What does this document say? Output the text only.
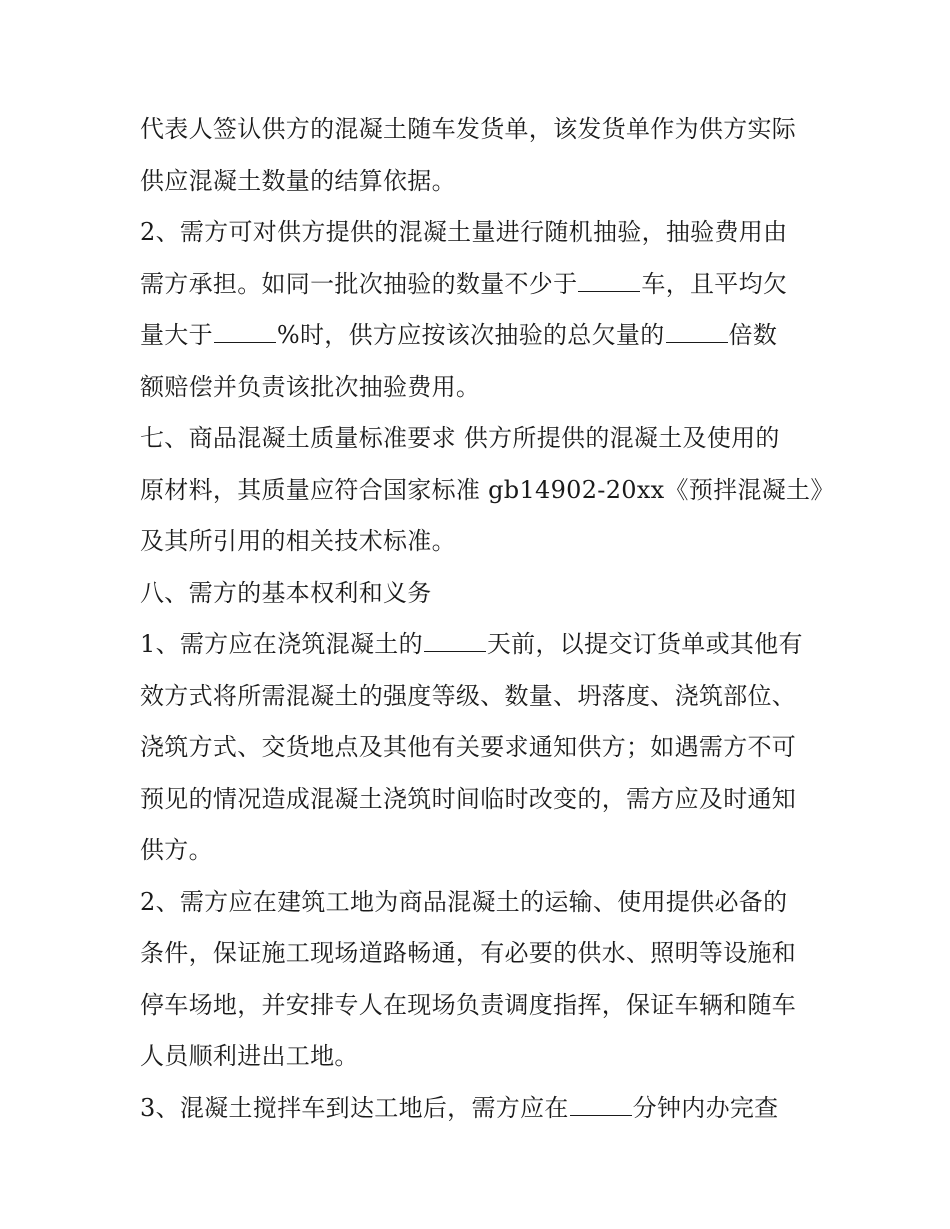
代表人签认供方的混凝土随车发货单，该发货单作为供方实际
供应混凝土数量的结算依据。
2、需方可对供方提供的混凝土量进行随机抽验，抽验费用由
需方承担。如同一批次抽验的数量不少于	车，且平均欠
量大于	%时，供方应按该次抽验的总欠量的	倍数
额赔偿并负责该批次抽验费用。
七、商品混凝土质量标准要求 供方所提供的混凝土及使用的
原材料，其质量应符合国家标准 gb14902-20xx《预拌混凝土》
及其所引用的相关技术标准。
八、需方的基本权利和义务
1、需方应在浇筑混凝土的	天前，以提交订货单或其他有
效方式将所需混凝土的强度等级、数量、坍落度、浇筑部位、
浇筑方式、交货地点及其他有关要求通知供方；如遇需方不可
预见的情况造成混凝土浇筑时间临时改变的，需方应及时通知
供方。
2、需方应在建筑工地为商品混凝土的运输、使用提供必备的
条件，保证施工现场道路畅通，有必要的供水、照明等设施和
停车场地，并安排专人在现场负责调度指挥，保证车辆和随车
人员顺利进出工地。
3、混凝土搅拌车到达工地后，需方应在	分钟内办完查
